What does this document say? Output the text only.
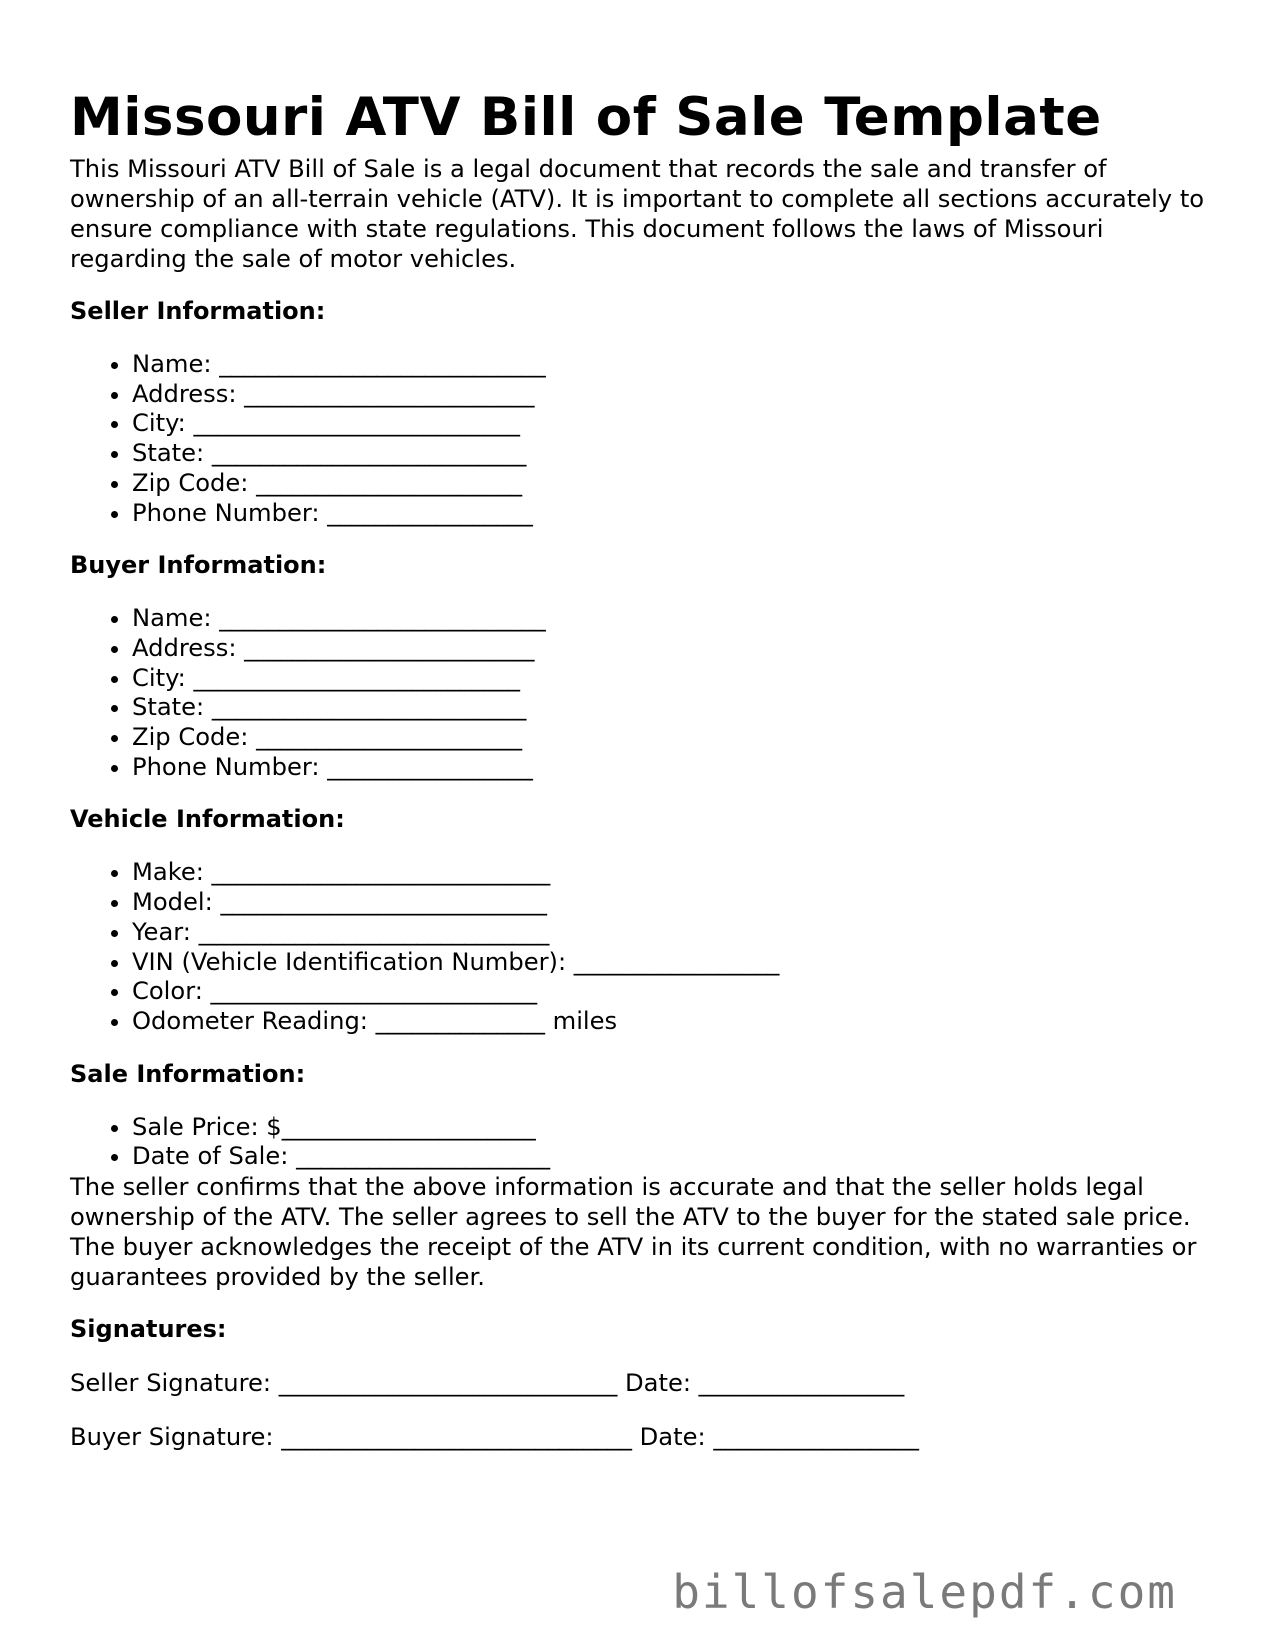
Missouri ATV Bill of Sale Template

This Missouri ATV Bill of Sale is a legal document that records the sale and transfer of ownership of an all-terrain vehicle (ATV). It is important to complete all sections accurately to ensure compliance with state regulations. This document follows the laws of Missouri regarding the sale of motor vehicles.

Seller Information:
• Name: ___________________________
• Address: ________________________
• City: ___________________________
• State: __________________________
• Zip Code: ______________________
• Phone Number: _________________
Buyer Information:
• Name: ___________________________
• Address: ________________________
• City: ___________________________
• State: __________________________
• Zip Code: ______________________
• Phone Number: _________________
Vehicle Information:
• Make: ____________________________
• Model: ___________________________
• Year: _____________________________
• VIN (Vehicle Identification Number): _________________
• Color: ___________________________
• Odometer Reading: ______________ miles
Sale Information:
• Sale Price: $_____________________
• Date of Sale: _____________________

The seller confirms that the above information is accurate and that the seller holds legal ownership of the ATV. The seller agrees to sell the ATV to the buyer for the stated sale price. The buyer acknowledges the receipt of the ATV in its current condition, with no warranties or guarantees provided by the seller.

Signatures:

Seller Signature: ____________________________ Date: _________________

Buyer Signature: _____________________________ Date: _________________

billofsalepdf.com
